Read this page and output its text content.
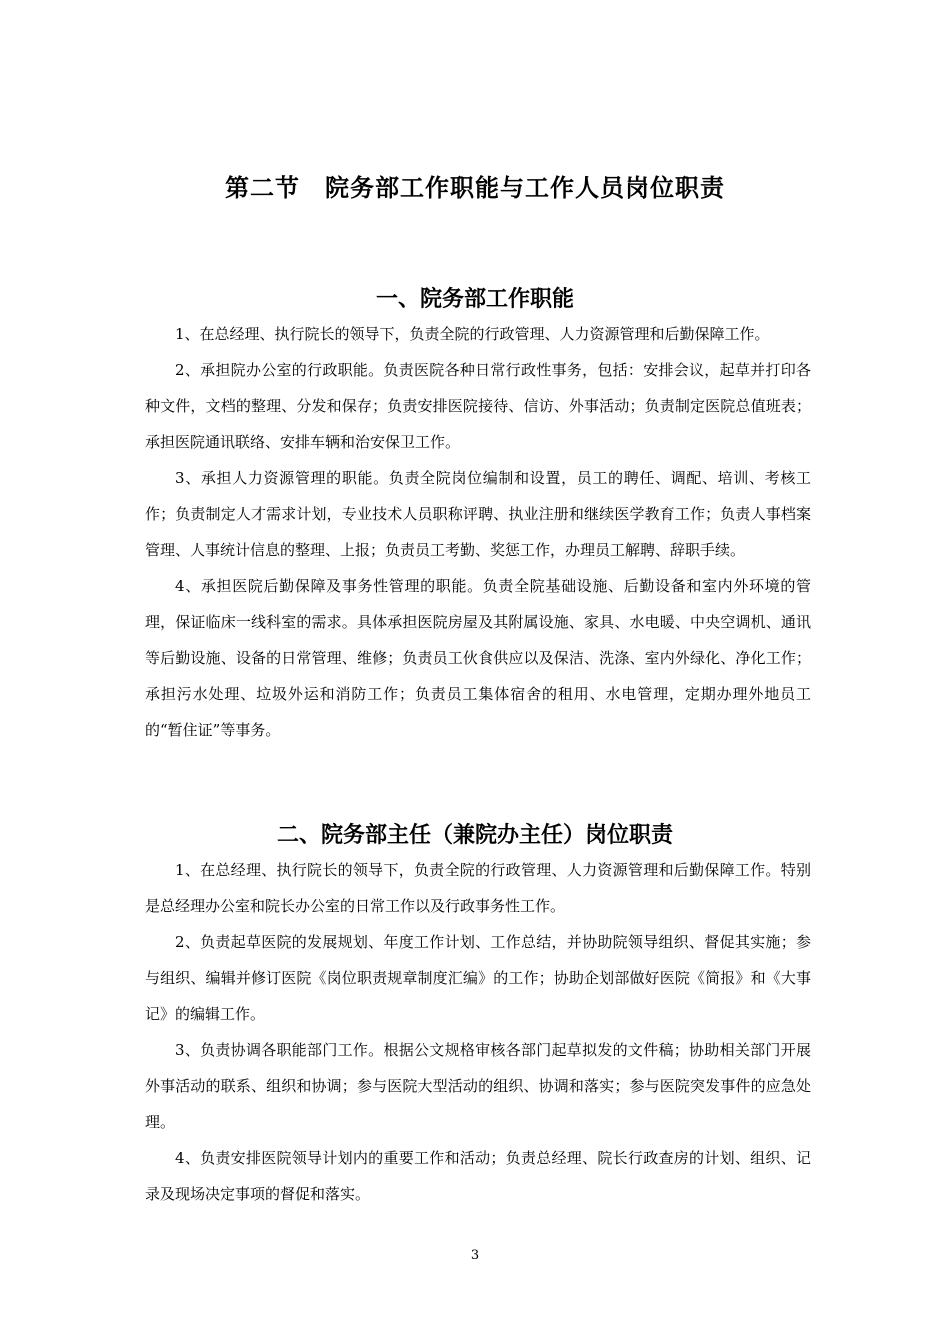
第二节　院务部工作职能与工作人员岗位职责
一、院务部工作职能

1、在总经理、执行院长的领导下，负责全院的行政管理、人力资源管理和后勤保障工作。

2、承担院办公室的行政职能。负责医院各种日常行政性事务，包括：安排会议，起草并打印各种文件，文档的整理、分发和保存；负责安排医院接待、信访、外事活动；负责制定医院总值班表；承担医院通讯联络、安排车辆和治安保卫工作。

3、承担人力资源管理的职能。负责全院岗位编制和设置，员工的聘任、调配、培训、考核工作；负责制定人才需求计划，专业技术人员职称评聘、执业注册和继续医学教育工作；负责人事档案管理、人事统计信息的整理、上报；负责员工考勤、奖惩工作，办理员工解聘、辞职手续。

4、承担医院后勤保障及事务性管理的职能。负责全院基础设施、后勤设备和室内外环境的管理，保证临床一线科室的需求。具体承担医院房屋及其附属设施、家具、水电暖、中央空调机、通讯等后勤设施、设备的日常管理、维修；负责员工伙食供应以及保洁、洗涤、室内外绿化、净化工作；承担污水处理、垃圾外运和消防工作；负责员工集体宿舍的租用、水电管理，定期办理外地员工的“暂住证”等事务。

二、院务部主任（兼院办主任）岗位职责

1、在总经理、执行院长的领导下，负责全院的行政管理、人力资源管理和后勤保障工作。特别是总经理办公室和院长办公室的日常工作以及行政事务性工作。

2、负责起草医院的发展规划、年度工作计划、工作总结，并协助院领导组织、督促其实施；参与组织、编辑并修订医院《岗位职责规章制度汇编》的工作；协助企划部做好医院《简报》和《大事记》的编辑工作。

3、负责协调各职能部门工作。根据公文规格审核各部门起草拟发的文件稿；协助相关部门开展外事活动的联系、组织和协调；参与医院大型活动的组织、协调和落实；参与医院突发事件的应急处理。

4、负责安排医院领导计划内的重要工作和活动；负责总经理、院长行政查房的计划、组织、记录及现场决定事项的督促和落实。

3
